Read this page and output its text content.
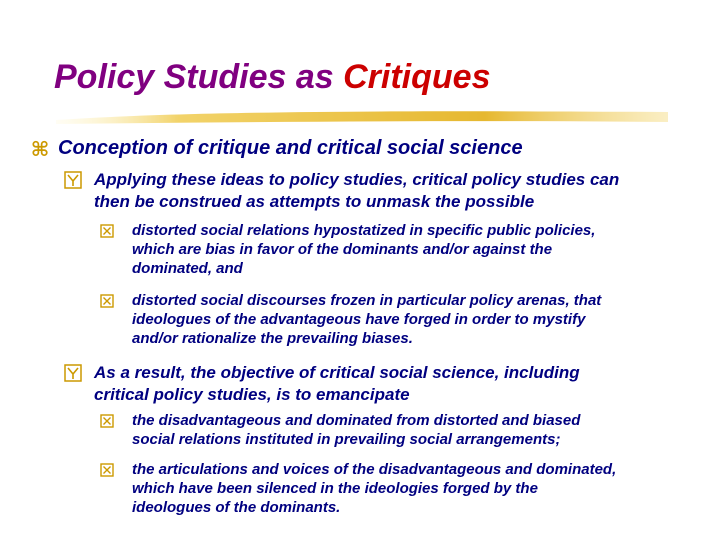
Policy Studies as Critiques
⌘ Conception of critique and critical social science
Applying these ideas to policy studies, critical policy studies can
then be construed as attempts to unmask the possible
distorted social relations hypostatized in specific public policies,
which are bias in favor of the dominants and/or against the
dominated, and
distorted social discourses frozen in particular policy arenas, that
ideologues of the advantageous have forged in order to mystify
and/or rationalize the prevailing biases.
As a result, the objective of critical social science, including
critical policy studies, is to emancipate
the disadvantageous and dominated from distorted and biased
social relations instituted in prevailing social arrangements;
the articulations and voices of the disadvantageous and dominated,
which have been silenced in the ideologies forged by the
ideologues of the dominants.
